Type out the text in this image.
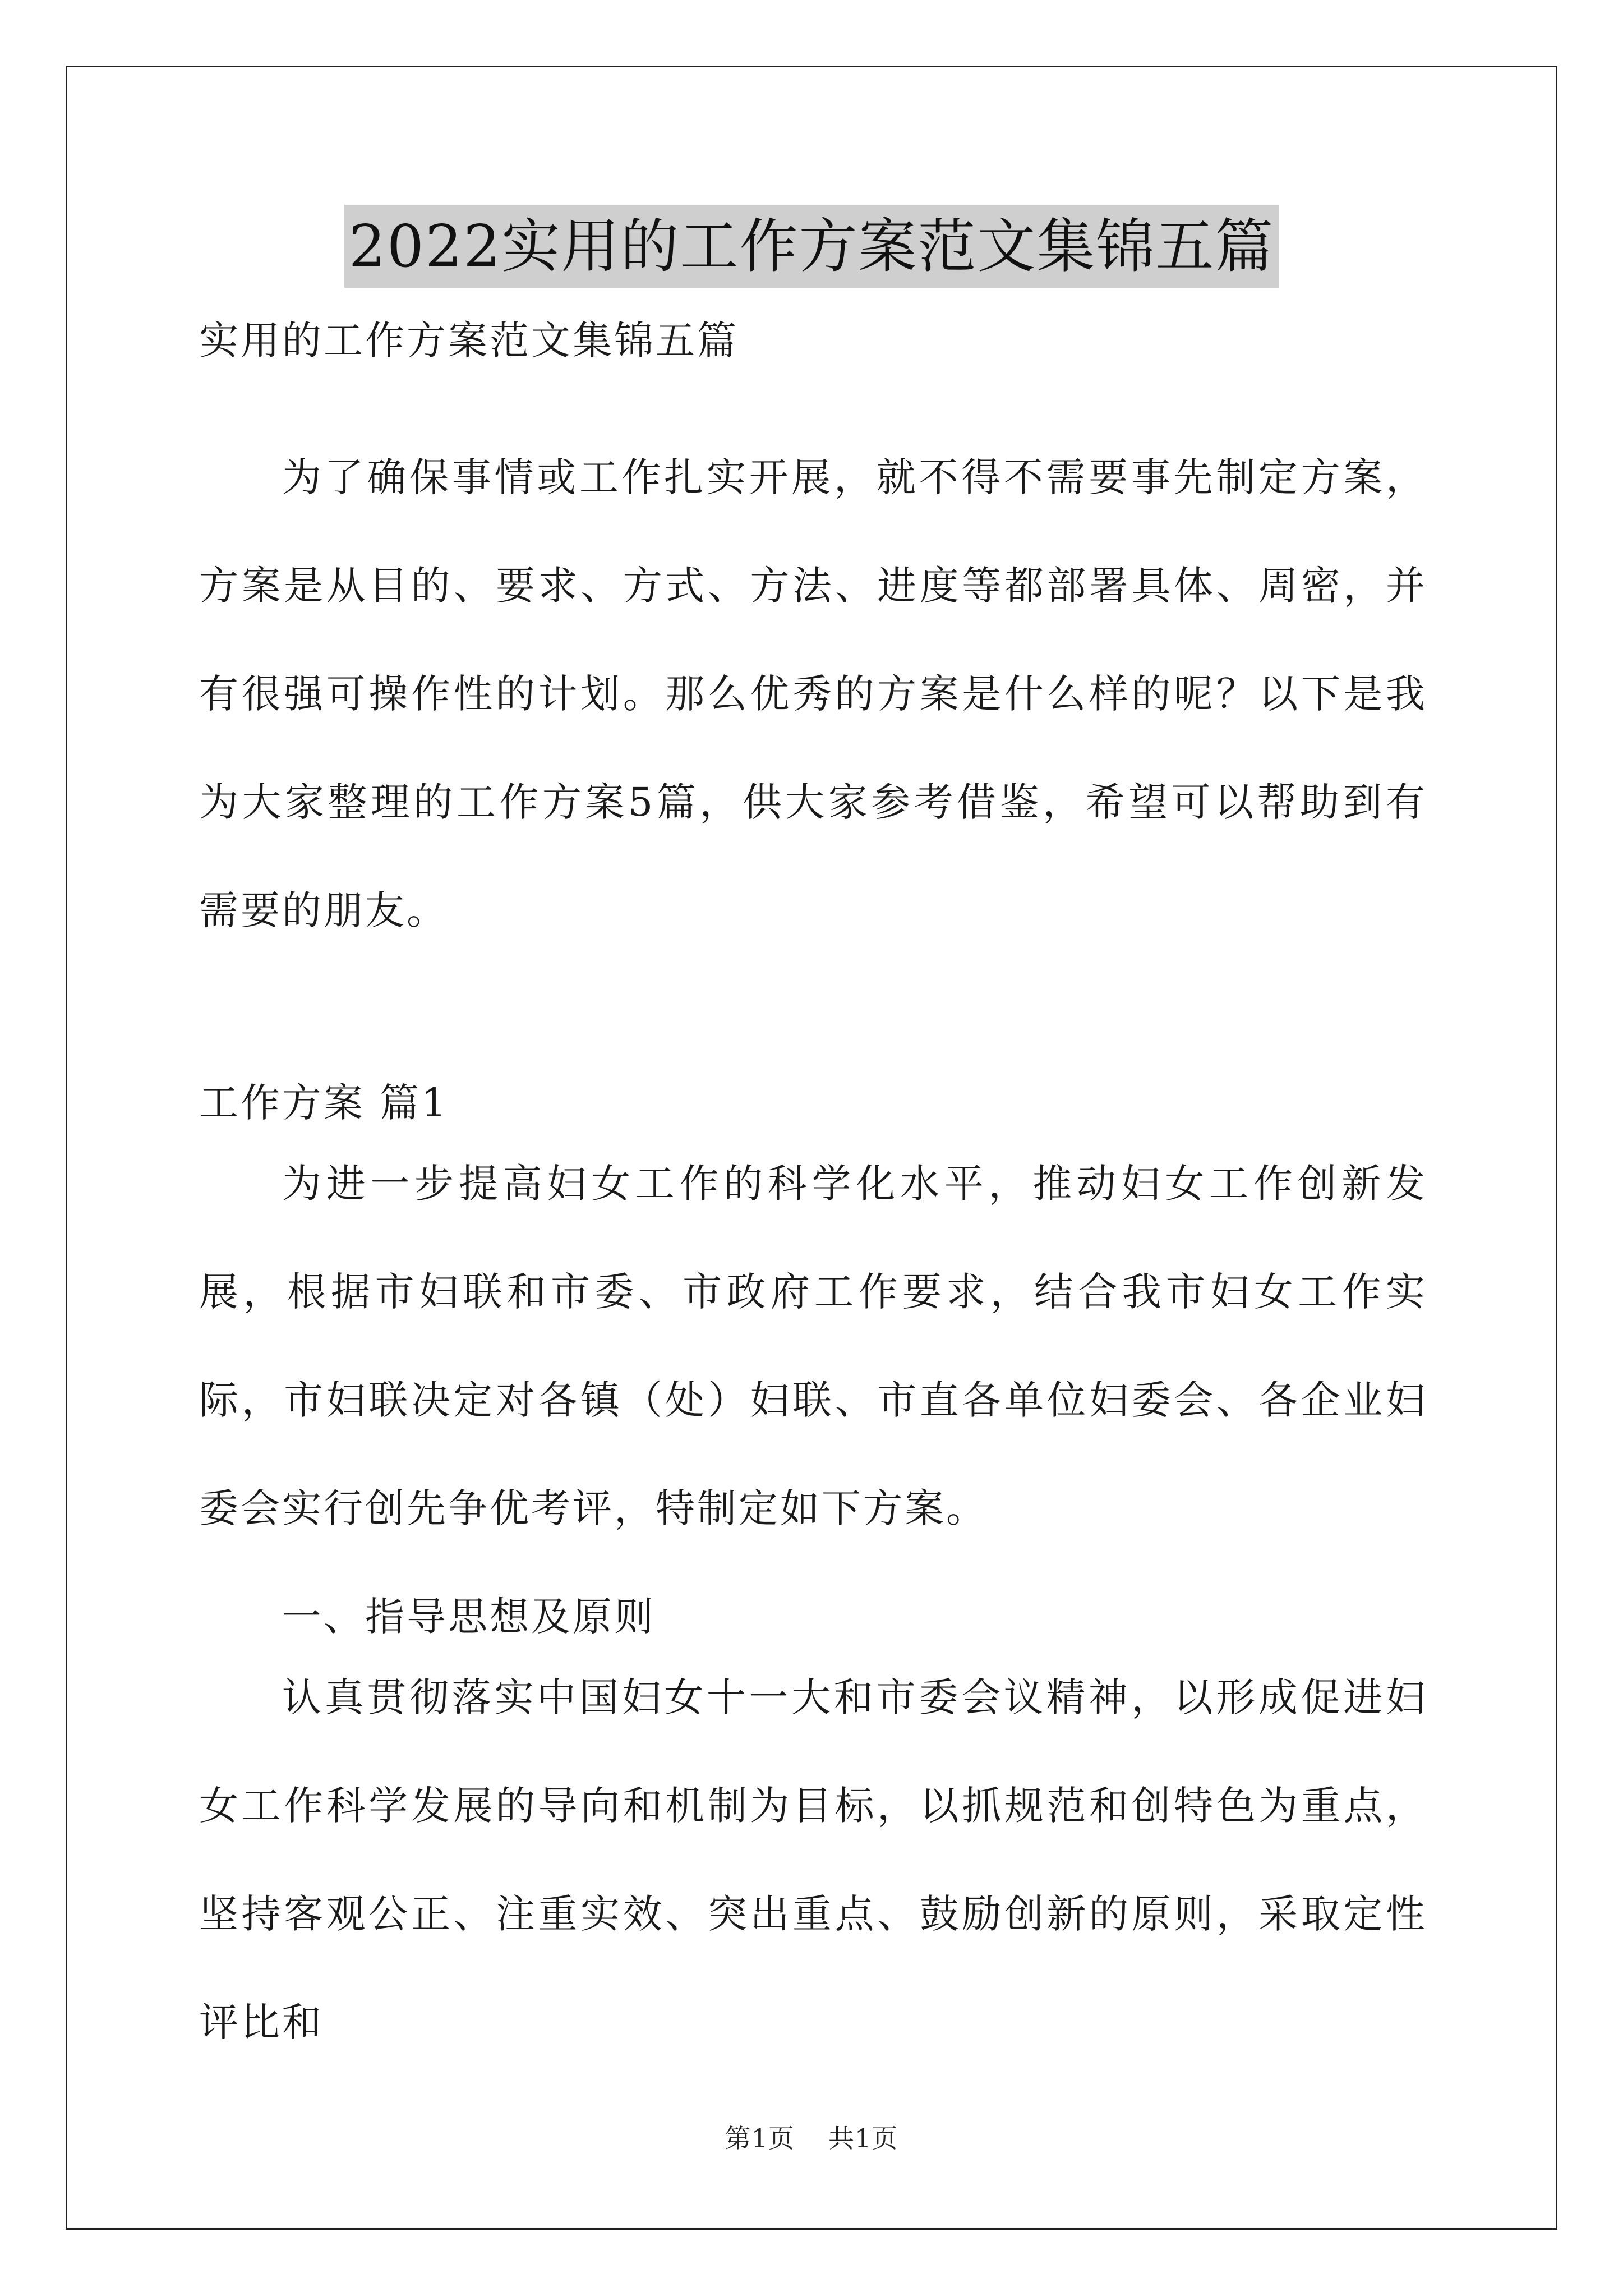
2022实用的工作方案范文集锦五篇

实用的工作方案范文集锦五篇

为了确保事情或工作扎实开展，就不得不需要事先制定方案，方案是从目的、要求、方式、方法、进度等都部署具体、周密，并有很强可操作性的计划。那么优秀的方案是什么样的呢？以下是我为大家整理的工作方案5篇，供大家参考借鉴，希望可以帮助到有需要的朋友。

工作方案 篇1

为进一步提高妇女工作的科学化水平，推动妇女工作创新发展，根据市妇联和市委、市政府工作要求，结合我市妇女工作实际，市妇联决定对各镇（处）妇联、市直各单位妇委会、各企业妇委会实行创先争优考评，特制定如下方案。

一、指导思想及原则

认真贯彻落实中国妇女十一大和市委会议精神，以形成促进妇女工作科学发展的导向和机制为目标，以抓规范和创特色为重点，坚持客观公正、注重实效、突出重点、鼓励创新的原则，采取定性评比和

第1页 共1页
